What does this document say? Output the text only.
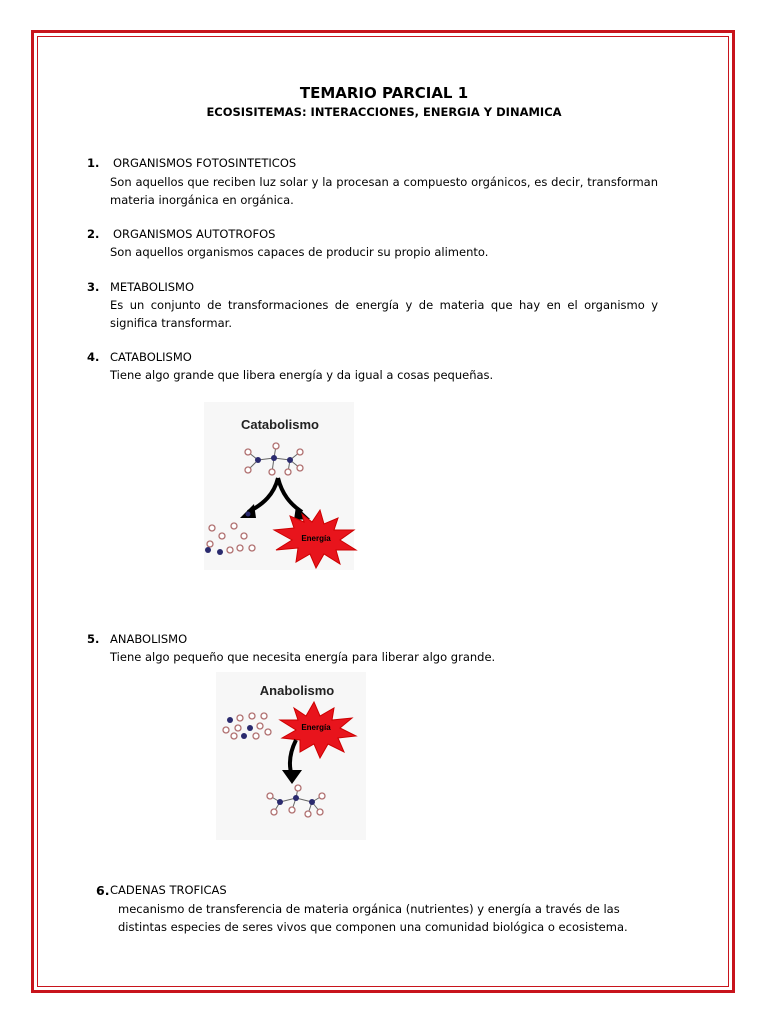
TEMARIO PARCIAL 1
ECOSISITEMAS: INTERACCIONES, ENERGIA Y DINAMICA
1. ORGANISMOS FOTOSINTETICOS
Son aquellos que reciben luz solar y la procesan a compuesto orgánicos, es decir, transforman materia inorgánica en orgánica.
2. ORGANISMOS AUTOTROFOS
Son aquellos organismos capaces de producir su propio alimento.
3. METABOLISMO
Es un conjunto de transformaciones de energía y de materia que hay en el organismo y significa transformar.
4. CATABOLISMO
Tiene algo grande que libera energía y da igual a cosas pequeñas.
Catabolismo
Energía
5. ANABOLISMO
Tiene algo pequeño que necesita energía para liberar algo grande.
Anabolismo
Energía
6. CADENAS TROFICAS
mecanismo de transferencia de materia orgánica (nutrientes) y energía a través de las distintas especies de seres vivos que componen una comunidad biológica o ecosistema.
